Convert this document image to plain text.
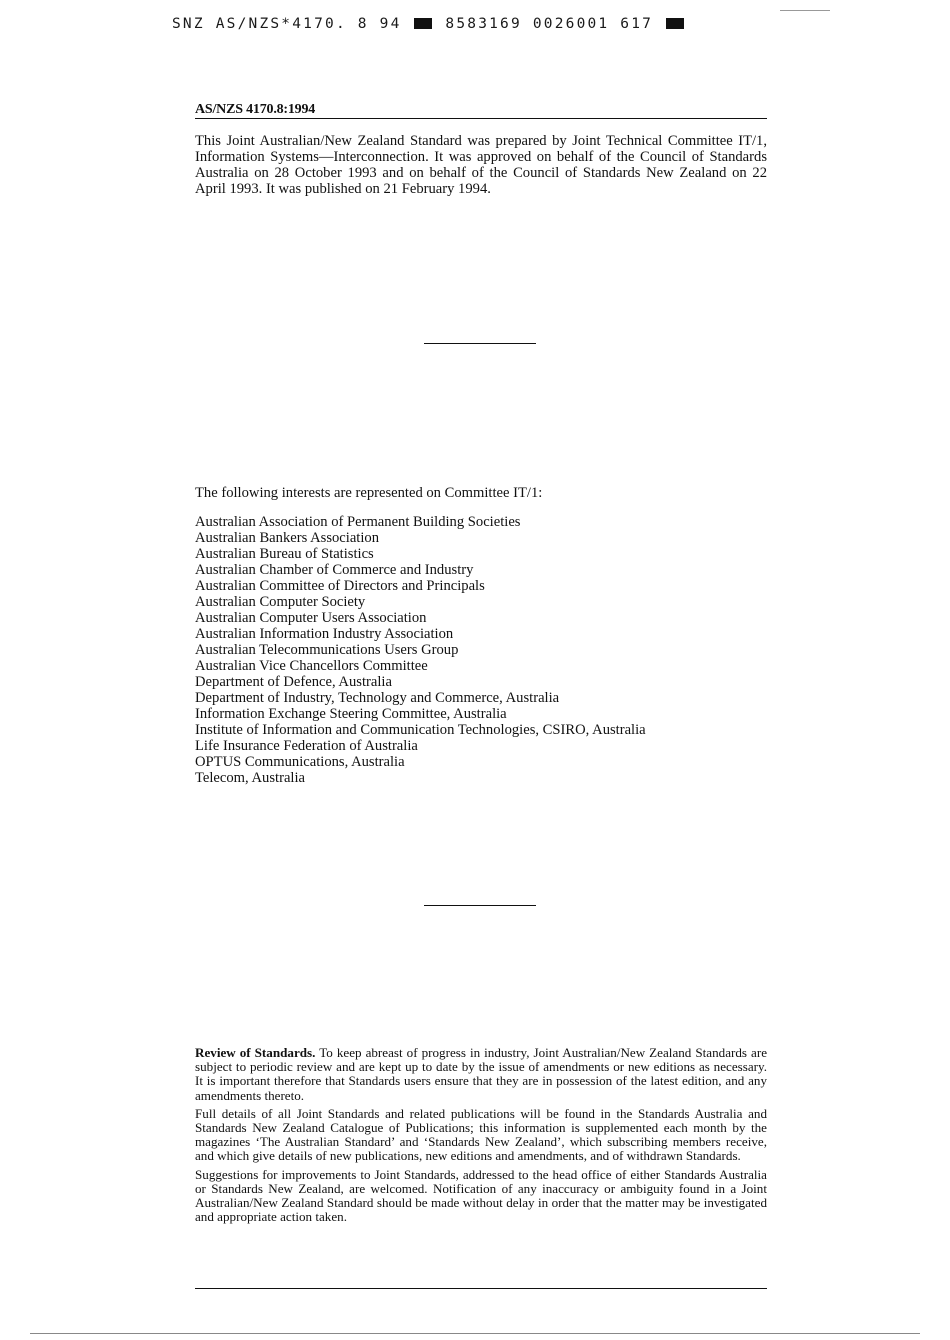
SNZ AS/NZS*4170. 8 94	8583169 0026001 617
AS/NZS 4170.8:1994

This Joint Australian/New Zealand Standard was prepared by Joint Technical Committee IT/1, Information Systems—Interconnection. It was approved on behalf of the Council of Standards Australia on 28 October 1993 and on behalf of the Council of Standards New Zealand on 22 April 1993. It was published on 21 February 1994.

The following interests are represented on Committee IT/1:

Australian Association of Permanent Building Societies
Australian Bankers Association
Australian Bureau of Statistics
Australian Chamber of Commerce and Industry
Australian Committee of Directors and Principals
Australian Computer Society
Australian Computer Users Association
Australian Information Industry Association
Australian Telecommunications Users Group
Australian Vice Chancellors Committee
Department of Defence, Australia
Department of Industry, Technology and Commerce, Australia
Information Exchange Steering Committee, Australia
Institute of Information and Communication Technologies, CSIRO, Australia
Life Insurance Federation of Australia
OPTUS Communications, Australia
Telecom, Australia

Review of Standards. To keep abreast of progress in industry, Joint Australian/New Zealand Standards are subject to periodic review and are kept up to date by the issue of amendments or new editions as necessary. It is important therefore that Standards users ensure that they are in possession of the latest edition, and any amendments thereto.

Full details of all Joint Standards and related publications will be found in the Standards Australia and Standards New Zealand Catalogue of Publications; this information is supplemented each month by the magazines ‘The Australian Standard’ and ‘Standards New Zealand’, which subscribing members receive, and which give details of new publications, new editions and amendments, and of withdrawn Standards.

Suggestions for improvements to Joint Standards, addressed to the head office of either Standards Australia or Standards New Zealand, are welcomed. Notification of any inaccuracy or ambiguity found in a Joint Australian/New Zealand Standard should be made without delay in order that the matter may be investigated and appropriate action taken.
